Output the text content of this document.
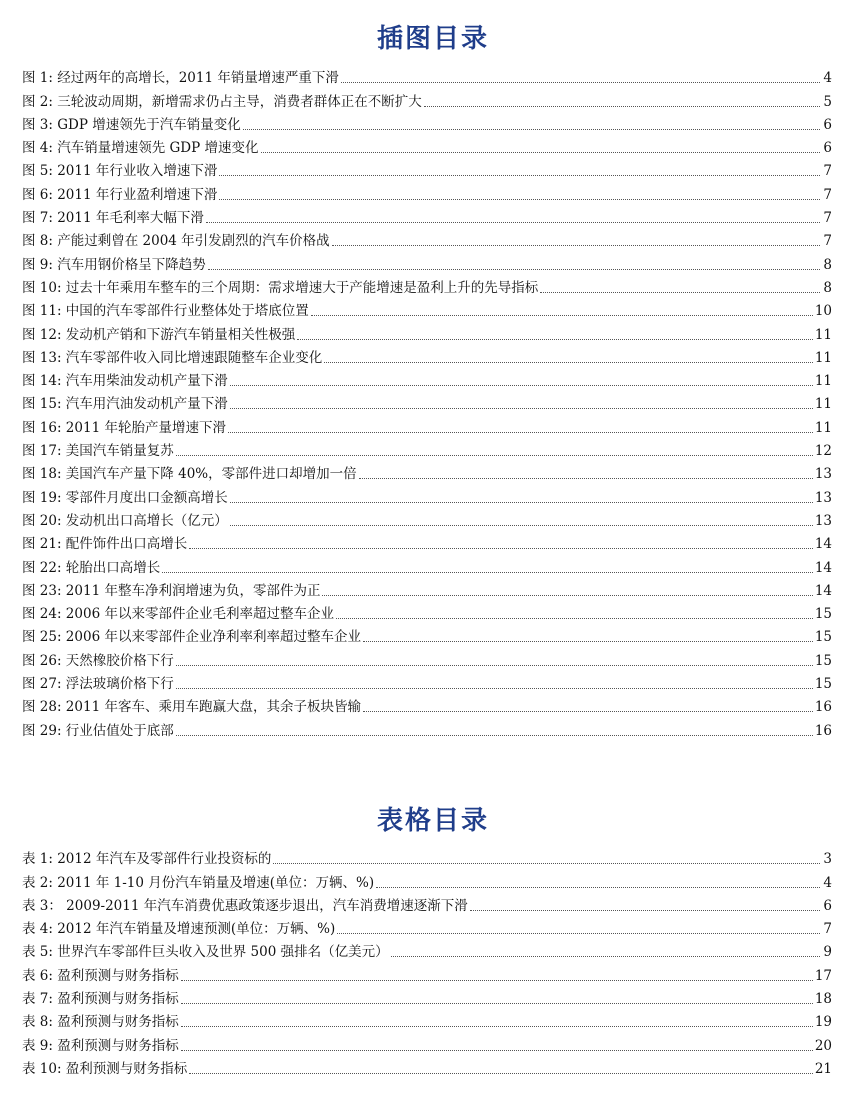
插图目录
图 1: 经过两年的高增长，2011 年销量增速严重下滑	4
图 2: 三轮波动周期，新增需求仍占主导，消费者群体正在不断扩大	5
图 3: GDP 增速领先于汽车销量变化	6
图 4: 汽车销量增速领先 GDP 增速变化	6
图 5: 2011 年行业收入增速下滑	7
图 6: 2011 年行业盈利增速下滑	7
图 7: 2011 年毛利率大幅下滑	7
图 8: 产能过剩曾在 2004 年引发剧烈的汽车价格战	7
图 9: 汽车用钢价格呈下降趋势	8
图 10: 过去十年乘用车整车的三个周期：需求增速大于产能增速是盈利上升的先导指标	8
图 11: 中国的汽车零部件行业整体处于塔底位置	10
图 12: 发动机产销和下游汽车销量相关性极强	11
图 13: 汽车零部件收入同比增速跟随整车企业变化	11
图 14: 汽车用柴油发动机产量下滑	11
图 15: 汽车用汽油发动机产量下滑	11
图 16: 2011 年轮胎产量增速下滑	11
图 17: 美国汽车销量复苏	12
图 18: 美国汽车产量下降 40%，零部件进口却增加一倍	13
图 19: 零部件月度出口金额高增长	13
图 20: 发动机出口高增长（亿元）	13
图 21: 配件饰件出口高增长	14
图 22: 轮胎出口高增长	14
图 23: 2011 年整车净利润增速为负，零部件为正	14
图 24: 2006 年以来零部件企业毛利率超过整车企业	15
图 25: 2006 年以来零部件企业净利率利率超过整车企业	15
图 26: 天然橡胶价格下行	15
图 27: 浮法玻璃价格下行	15
图 28: 2011 年客车、乘用车跑赢大盘，其余子板块皆输	16
图 29: 行业估值处于底部	16
表格目录
表 1: 2012 年汽车及零部件行业投资标的	3
表 2: 2011 年 1-10 月份汽车销量及增速(单位：万辆、%)	4
表 3： 2009-2011 年汽车消费优惠政策逐步退出，汽车消费增速逐渐下滑	6
表 4: 2012 年汽车销量及增速预测(单位：万辆、%)	7
表 5: 世界汽车零部件巨头收入及世界 500 强排名（亿美元）	9
表 6: 盈利预测与财务指标	17
表 7: 盈利预测与财务指标	18
表 8: 盈利预测与财务指标	19
表 9: 盈利预测与财务指标	20
表 10: 盈利预测与财务指标	21
